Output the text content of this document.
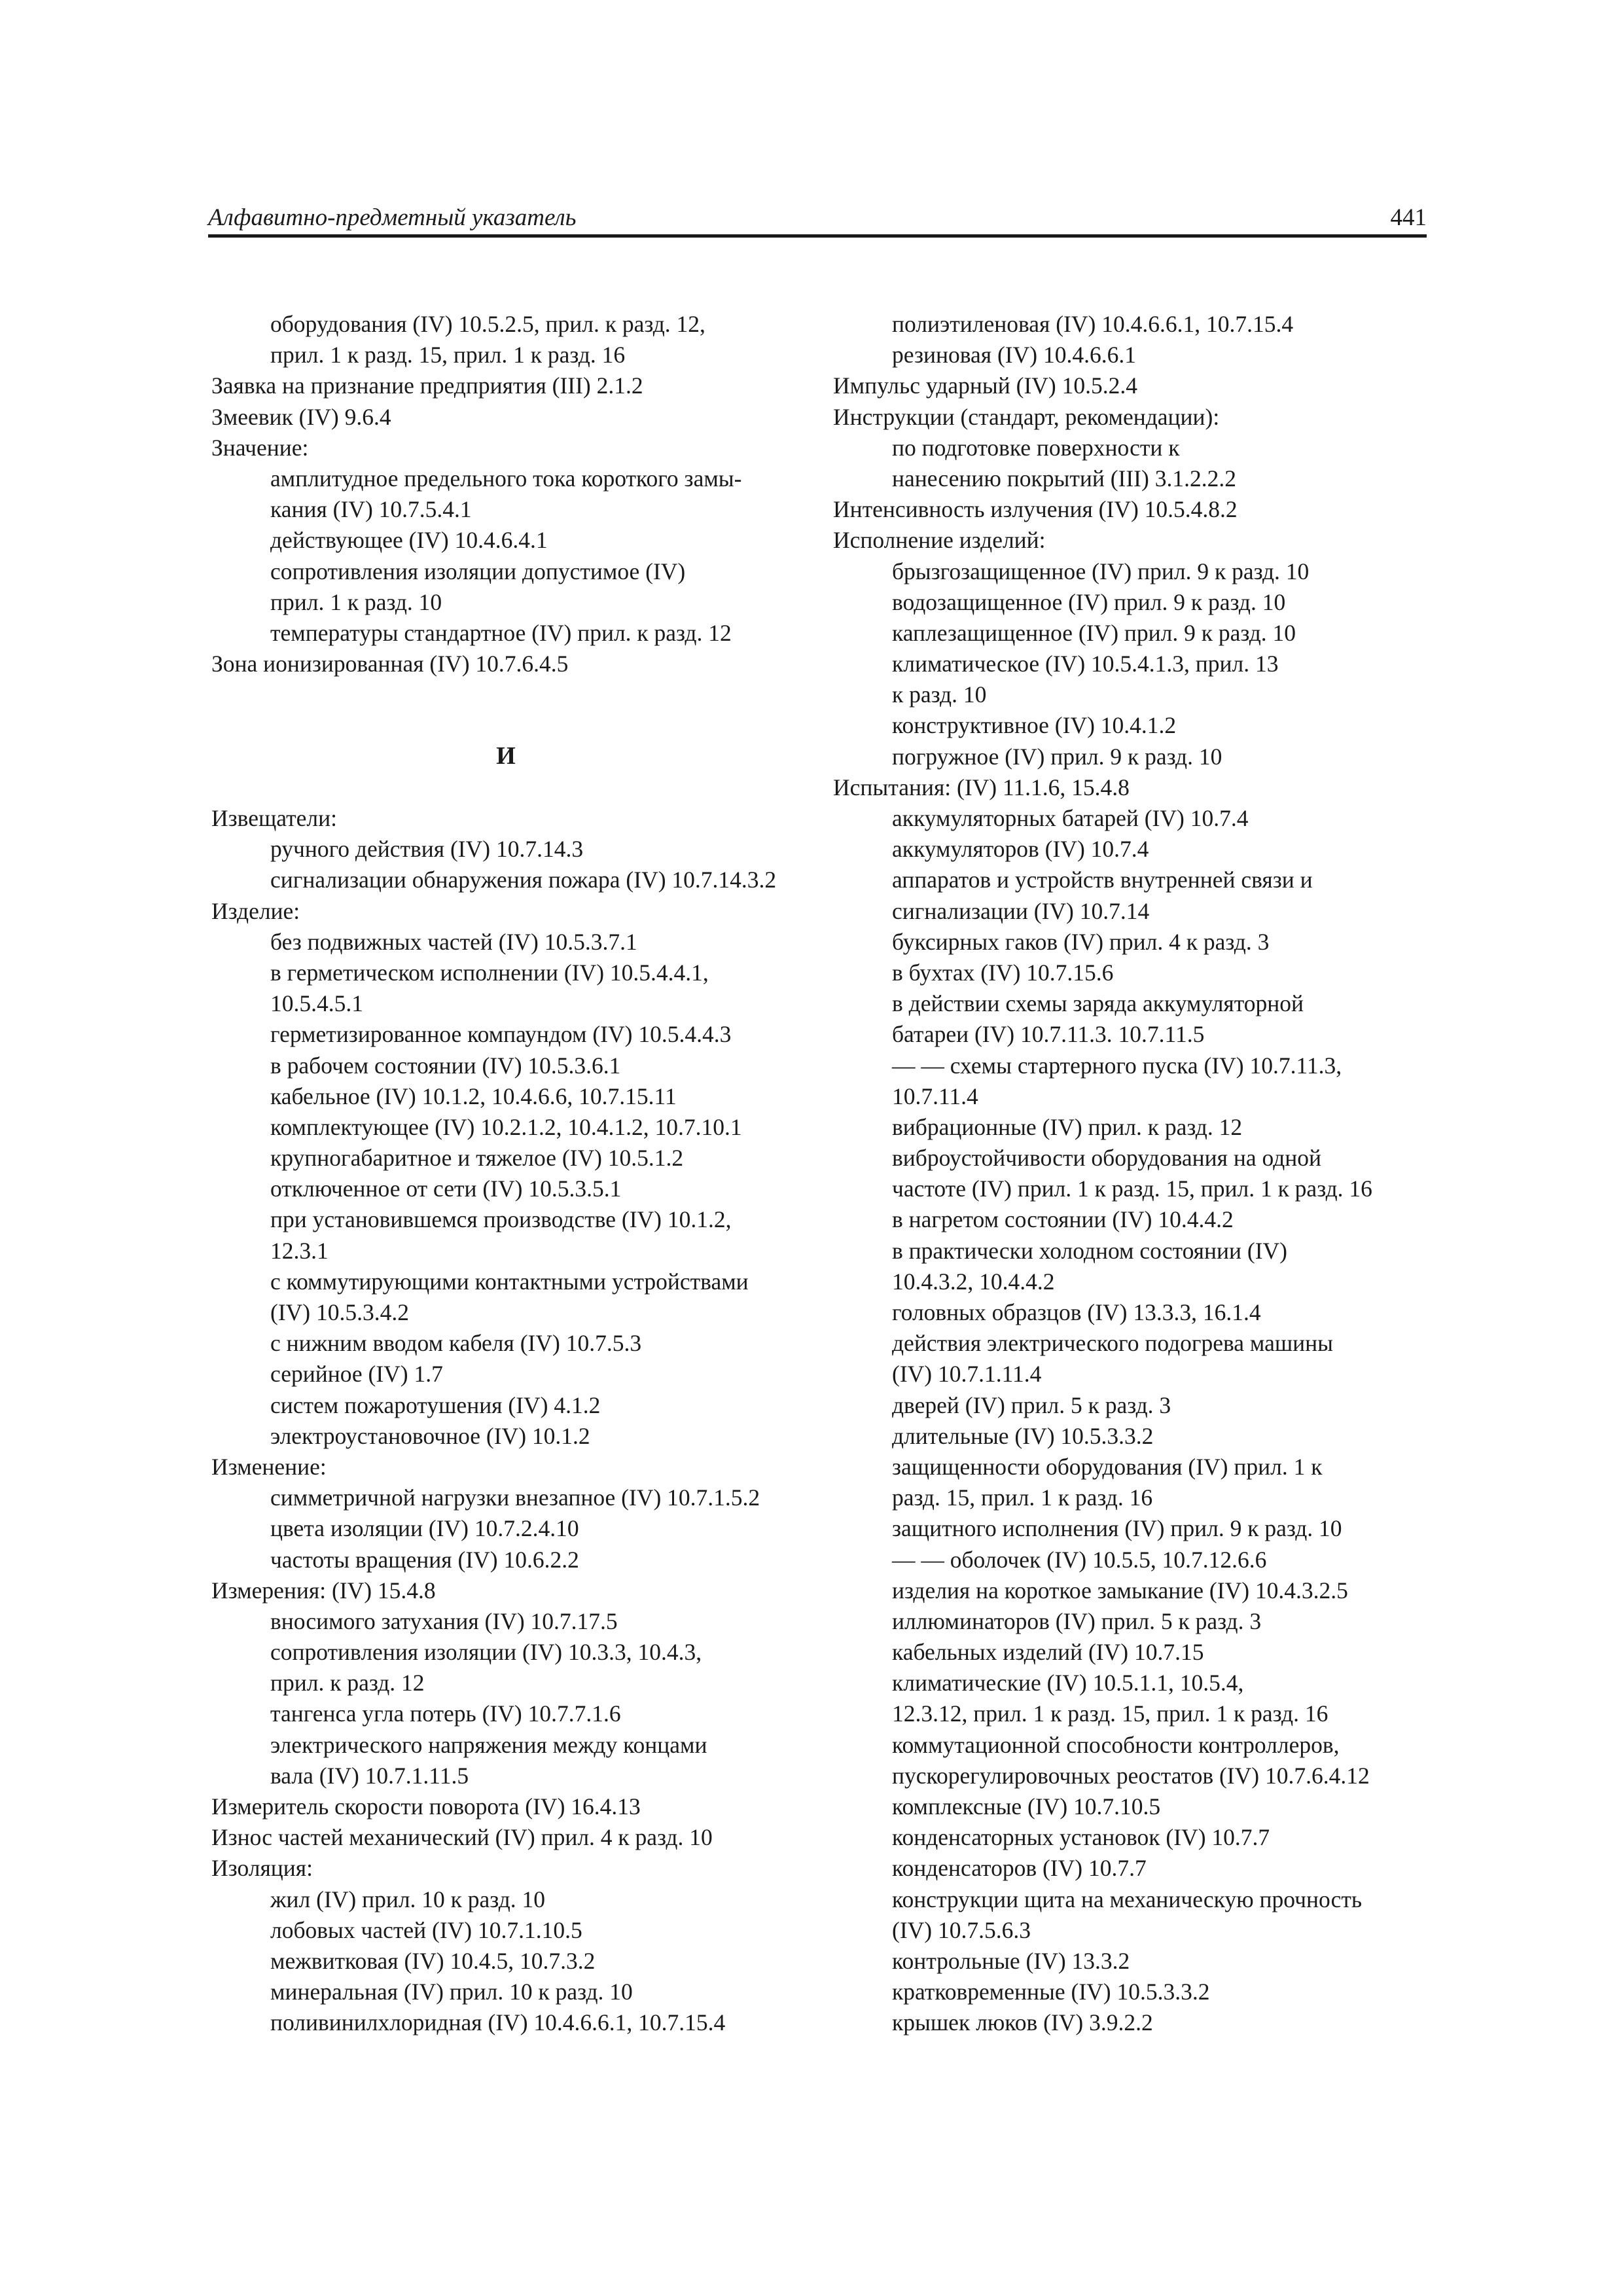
Алфавитно-предметный указатель	441
оборудования (IV) 10.5.2.5, прил. к разд. 12,
прил. 1 к разд. 15, прил. 1 к разд. 16
Заявка на признание предприятия (III) 2.1.2
Змеевик (IV) 9.6.4
Значение:
амплитудное предельного тока короткого замы-
кания (IV) 10.7.5.4.1
действующее (IV) 10.4.6.4.1
сопротивления изоляции допустимое (IV)
прил. 1 к разд. 10
температуры стандартное (IV) прил. к разд. 12
Зона ионизированная (IV) 10.7.6.4.5
И
Извещатели:
ручного действия (IV) 10.7.14.3
сигнализации обнаружения пожара (IV) 10.7.14.3.2
Изделие:
без подвижных частей (IV) 10.5.3.7.1
в герметическом исполнении (IV) 10.5.4.4.1,
10.5.4.5.1
герметизированное компаундом (IV) 10.5.4.4.3
в рабочем состоянии (IV) 10.5.3.6.1
кабельное (IV) 10.1.2, 10.4.6.6, 10.7.15.11
комплектующее (IV) 10.2.1.2, 10.4.1.2, 10.7.10.1
крупногабаритное и тяжелое (IV) 10.5.1.2
отключенное от сети (IV) 10.5.3.5.1
при установившемся производстве (IV) 10.1.2,
12.3.1
с коммутирующими контактными устройствами
(IV) 10.5.3.4.2
с нижним вводом кабеля (IV) 10.7.5.3
серийное (IV) 1.7
систем пожаротушения (IV) 4.1.2
электроустановочное (IV) 10.1.2
Изменение:
симметричной нагрузки внезапное (IV) 10.7.1.5.2
цвета изоляции (IV) 10.7.2.4.10
частоты вращения (IV) 10.6.2.2
Измерения: (IV) 15.4.8
вносимого затухания (IV) 10.7.17.5
сопротивления изоляции (IV) 10.3.3, 10.4.3,
прил. к разд. 12
тангенса угла потерь (IV) 10.7.7.1.6
электрического напряжения между концами
вала (IV) 10.7.1.11.5
Измеритель скорости поворота (IV) 16.4.13
Износ частей механический (IV) прил. 4 к разд. 10
Изоляция:
жил (IV) прил. 10 к разд. 10
лобовых частей (IV) 10.7.1.10.5
межвитковая (IV) 10.4.5, 10.7.3.2
минеральная (IV) прил. 10 к разд. 10
поливинилхлоридная (IV) 10.4.6.6.1, 10.7.15.4
полиэтиленовая (IV) 10.4.6.6.1, 10.7.15.4
резиновая (IV) 10.4.6.6.1
Импульс ударный (IV) 10.5.2.4
Инструкции (стандарт, рекомендации):
по подготовке поверхности к
нанесению покрытий (III) 3.1.2.2.2
Интенсивность излучения (IV) 10.5.4.8.2
Исполнение изделий:
брызгозащищенное (IV) прил. 9 к разд. 10
водозащищенное (IV) прил. 9 к разд. 10
каплезащищенное (IV) прил. 9 к разд. 10
климатическое (IV) 10.5.4.1.3, прил. 13
к разд. 10
конструктивное (IV) 10.4.1.2
погружное (IV) прил. 9 к разд. 10
Испытания: (IV) 11.1.6, 15.4.8
аккумуляторных батарей (IV) 10.7.4
аккумуляторов (IV) 10.7.4
аппаратов и устройств внутренней связи и
сигнализации (IV) 10.7.14
буксирных гаков (IV) прил. 4 к разд. 3
в бухтах (IV) 10.7.15.6
в действии схемы заряда аккумуляторной
батареи (IV) 10.7.11.3. 10.7.11.5
— — схемы стартерного пуска (IV) 10.7.11.3,
10.7.11.4
вибрационные (IV) прил. к разд. 12
виброустойчивости оборудования на одной
частоте (IV) прил. 1 к разд. 15, прил. 1 к разд. 16
в нагретом состоянии (IV) 10.4.4.2
в практически холодном состоянии (IV)
10.4.3.2, 10.4.4.2
головных образцов (IV) 13.3.3, 16.1.4
действия электрического подогрева машины
(IV) 10.7.1.11.4
дверей (IV) прил. 5 к разд. 3
длительные (IV) 10.5.3.3.2
защищенности оборудования (IV) прил. 1 к
разд. 15, прил. 1 к разд. 16
защитного исполнения (IV) прил. 9 к разд. 10
— — оболочек (IV) 10.5.5, 10.7.12.6.6
изделия на короткое замыкание (IV) 10.4.3.2.5
иллюминаторов (IV) прил. 5 к разд. 3
кабельных изделий (IV) 10.7.15
климатические (IV) 10.5.1.1, 10.5.4,
12.3.12, прил. 1 к разд. 15, прил. 1 к разд. 16
коммутационной способности контроллеров,
пускорегулировочных реостатов (IV) 10.7.6.4.12
комплексные (IV) 10.7.10.5
конденсаторных установок (IV) 10.7.7
конденсаторов (IV) 10.7.7
конструкции щита на механическую прочность
(IV) 10.7.5.6.3
контрольные (IV) 13.3.2
кратковременные (IV) 10.5.3.3.2
крышек люков (IV) 3.9.2.2
